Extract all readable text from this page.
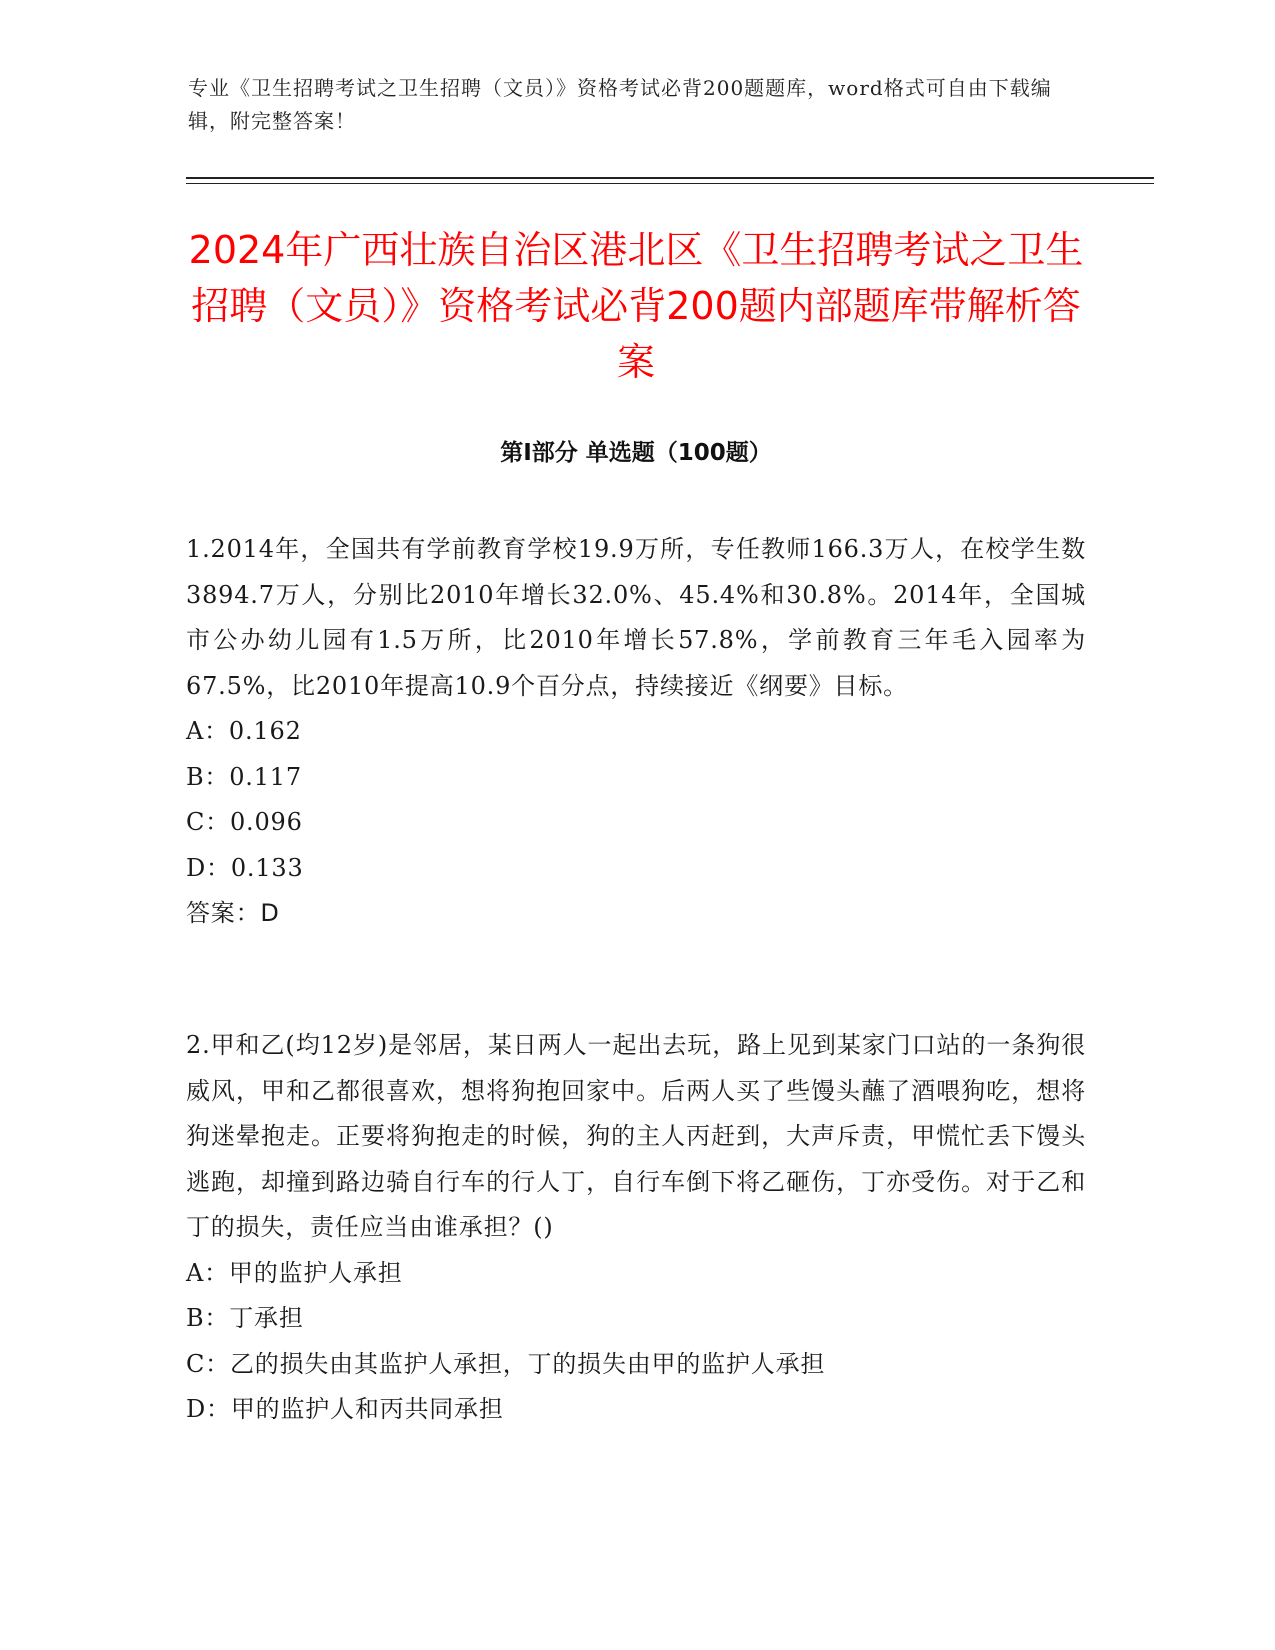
专业《卫生招聘考试之卫生招聘（文员）》资格考试必背200题题库，word格式可自由下载编辑，附完整答案！
2024年广西壮族自治区港北区《卫生招聘考试之卫生招聘（文员）》资格考试必背200题内部题库带解析答案
第Ⅰ部分 单选题（100题）

1.2014年，全国共有学前教育学校19.9万所，专任教师166.3万人，在校学生数3894.7万人，分别比2010年增长32.0%、45.4%和30.8%。2014年，全国城市公办幼儿园有1.5万所，比2010年增长57.8%，学前教育三年毛入园率为67.5%，比2010年提高10.9个百分点，持续接近《纲要》目标。

A：0.162
B：0.117
C：0.096
D：0.133

答案：D

2.甲和乙(均12岁)是邻居，某日两人一起出去玩，路上见到某家门口站的一条狗很威风，甲和乙都很喜欢，想将狗抱回家中。后两人买了些馒头蘸了酒喂狗吃，想将狗迷晕抱走。正要将狗抱走的时候，狗的主人丙赶到，大声斥责，甲慌忙丢下馒头逃跑，却撞到路边骑自行车的行人丁，自行车倒下将乙砸伤，丁亦受伤。对于乙和丁的损失，责任应当由谁承担？()

A：甲的监护人承担
B：丁承担
C：乙的损失由其监护人承担，丁的损失由甲的监护人承担
D：甲的监护人和丙共同承担
